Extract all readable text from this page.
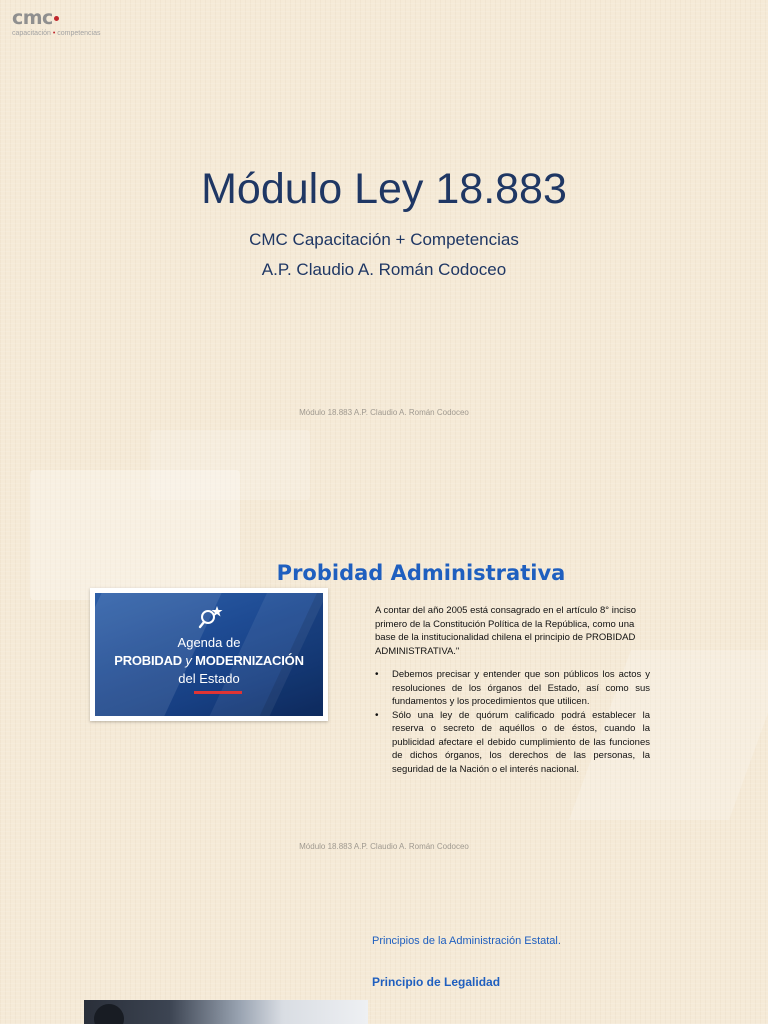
cmc
capacitación • competencias
Módulo Ley 18.883
CMC Capacitación + Competencias
A.P. Claudio A. Román Codoceo
Módulo 18.883 A.P. Claudio A. Román Codoceo
Probidad Administrativa
Agenda de
PROBIDAD y MODERNIZACIÓN
del Estado
A contar del año 2005 está consagrado en el artículo 8° inciso primero de la Constitución Política de la República, como una base de la institucionalidad chilena el principio de PROBIDAD ADMINISTRATIVA."
• Debemos precisar y entender que son públicos los actos y resoluciones de los órganos del Estado, así como sus fundamentos y los procedimientos que utilicen.
• Sólo una ley de quórum calificado podrá establecer la reserva o secreto de aquéllos o de éstos, cuando la publicidad afectare el debido cumplimiento de las funciones de dichos órganos, los derechos de las personas, la seguridad de la Nación o el interés nacional.
Módulo 18.883 A.P. Claudio A. Román Codoceo
Principios de la Administración Estatal.
Principio de Legalidad
